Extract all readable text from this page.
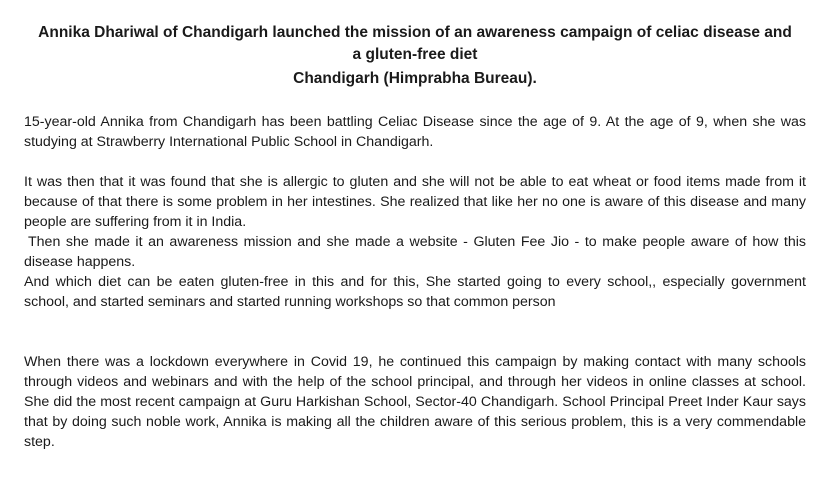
Annika Dhariwal of Chandigarh launched the mission of an awareness campaign of celiac disease and a gluten-free diet
Chandigarh (Himprabha Bureau).

15-year-old Annika from Chandigarh has been battling Celiac Disease since the age of 9. At the age of 9, when she was studying at Strawberry International Public School in Chandigarh.

It was then that it was found that she is allergic to gluten and she will not be able to eat wheat or food items made from it because of that there is some problem in her intestines. She realized that like her no one is aware of this disease and many people are suffering from it in India.

Then she made it an awareness mission and she made a website - Gluten Fee Jio - to make people aware of how this disease happens.

And which diet can be eaten gluten-free in this and for this, She started going to every school,, especially government school, and started seminars and started running workshops so that common person

When there was a lockdown everywhere in Covid 19, he continued this campaign by making contact with many schools through videos and webinars and with the help of the school principal, and through her videos in online classes at school. She did the most recent campaign at Guru Harkishan School, Sector-40 Chandigarh. School Principal Preet Inder Kaur says that by doing such noble work, Annika is making all the children aware of this serious problem, this is a very commendable step.
